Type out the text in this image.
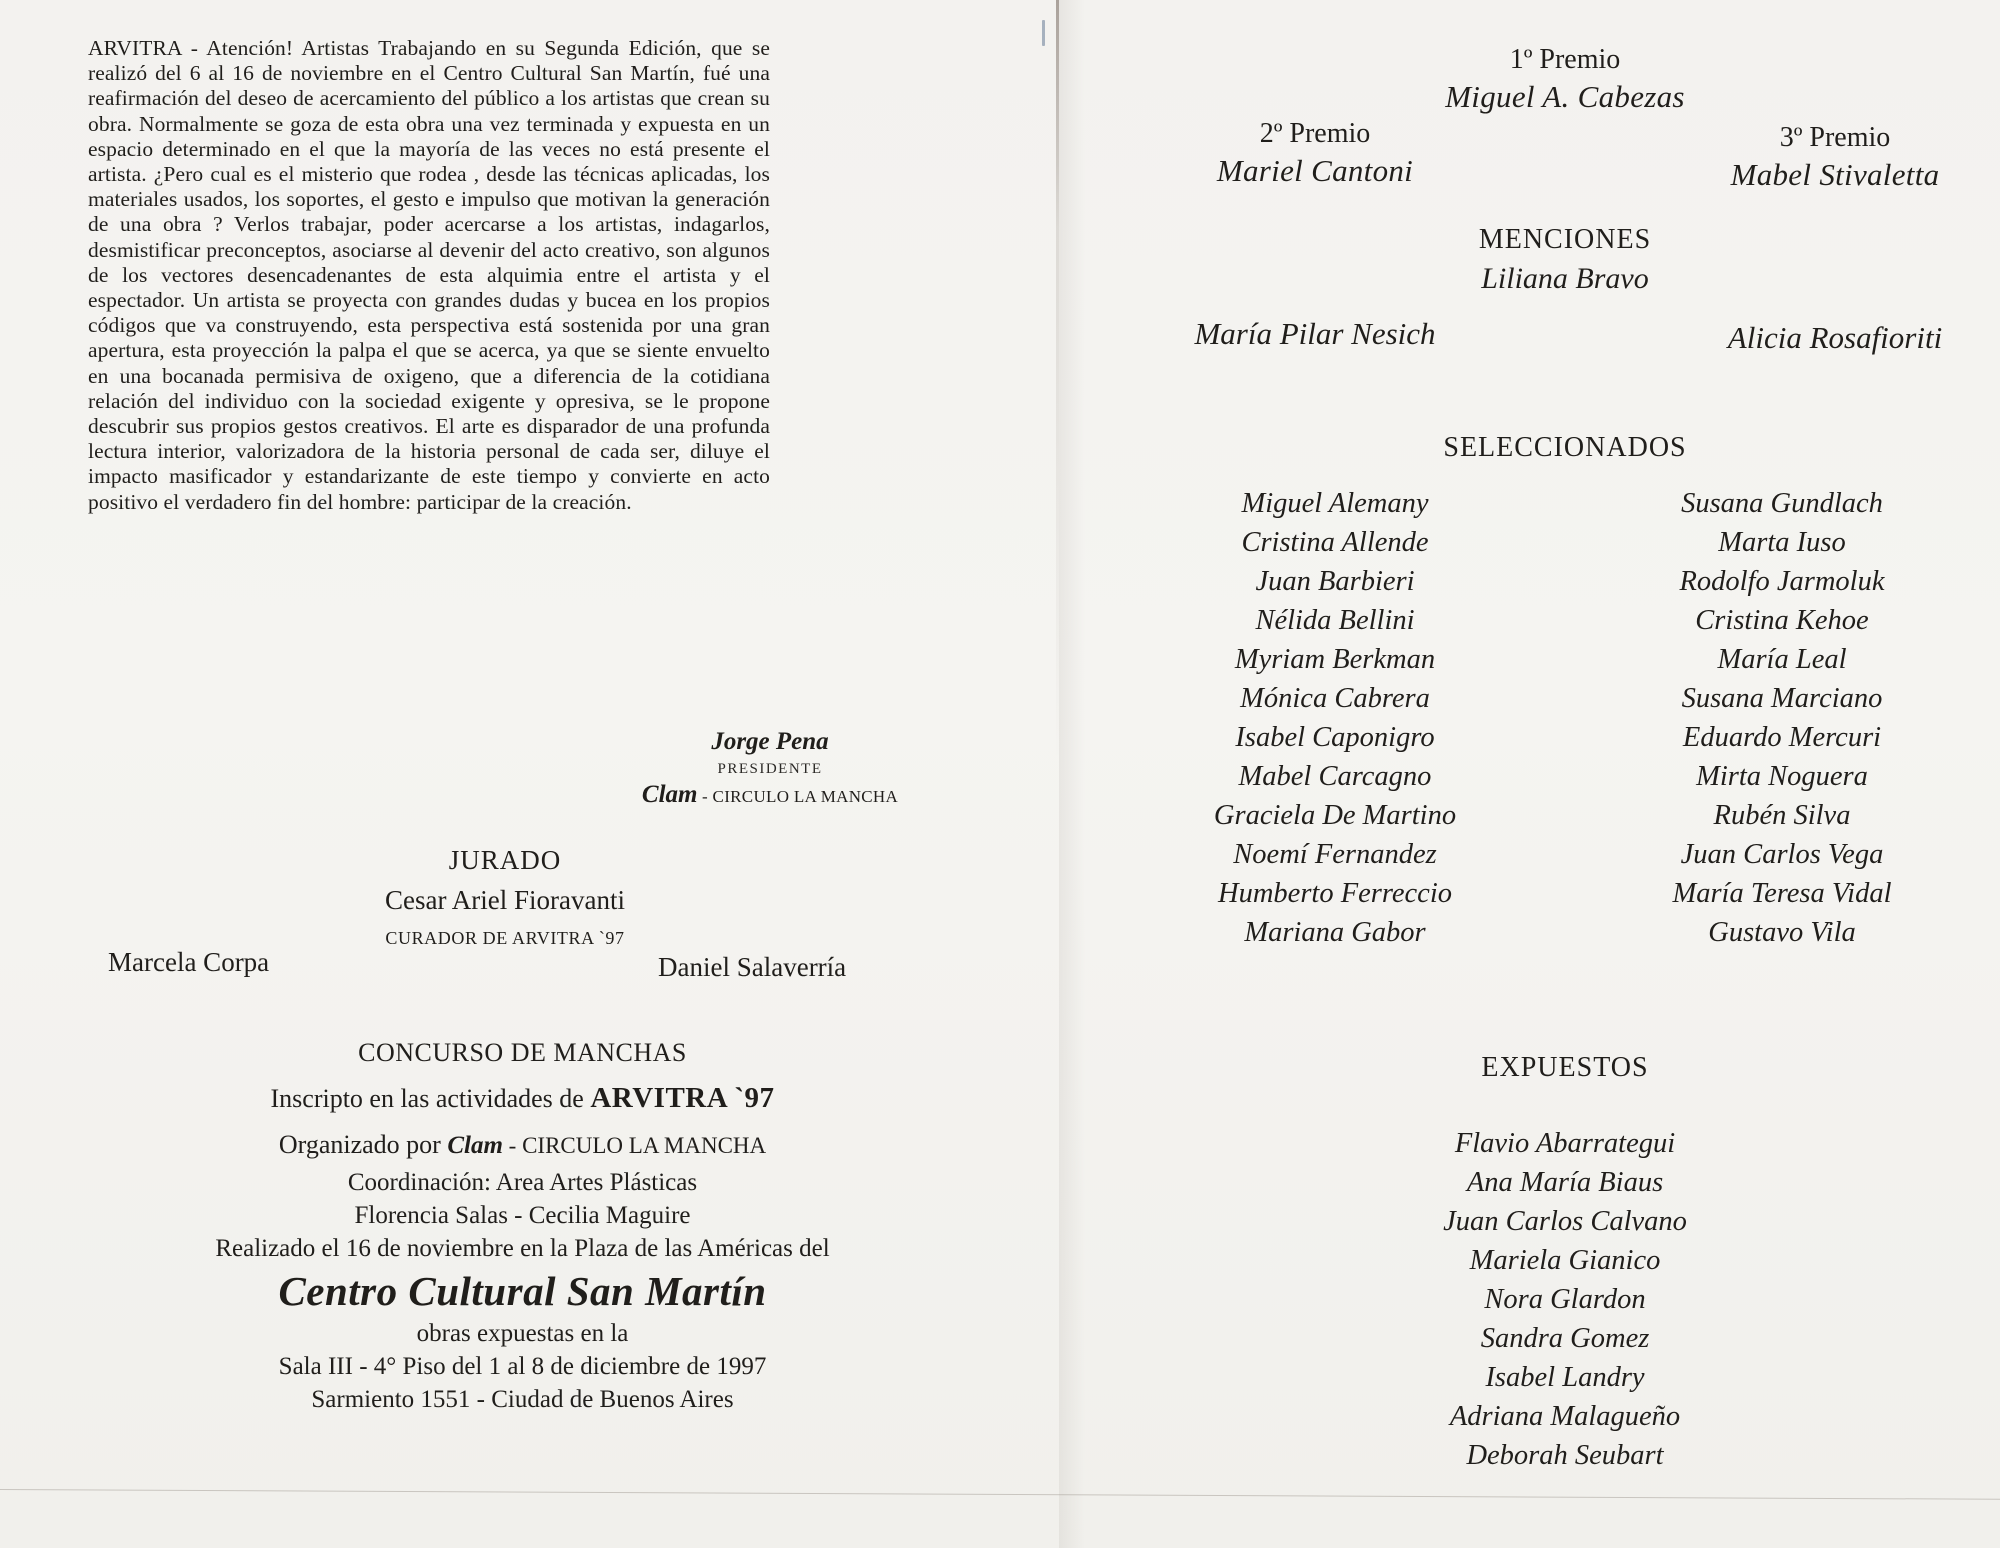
ARVITRA - Atención! Artistas Trabajando en su Segunda Edición, que se realizó del 6 al 16 de noviembre en el Centro Cultural San Martín, fué una reafirmación del deseo de acercamiento del público a los artistas que crean su obra. Normalmente se goza de esta obra una vez terminada y expuesta en un espacio determinado en el que la mayoría de las veces no está presente el artista. ¿Pero cual es el misterio que rodea , desde las técnicas aplicadas, los materiales usados, los soportes, el gesto e impulso que motivan la generación de una obra ? Verlos trabajar, poder acercarse a los artistas, indagarlos, desmistificar preconceptos, asociarse al devenir del acto creativo, son algunos de los vectores desencadenantes de esta alquimia entre el artista y el espectador. Un artista se proyecta con grandes dudas y bucea en los propios códigos que va construyendo, esta perspectiva está sostenida por una gran apertura, esta proyección la palpa el que se acerca, ya que se siente envuelto en una bocanada permisiva de oxigeno, que a diferencia de la cotidiana relación del individuo con la sociedad exigente y opresiva, se le propone descubrir sus propios gestos creativos. El arte es disparador de una profunda lectura interior, valorizadora de la historia personal de cada ser, diluye el impacto masificador y estandarizante de este tiempo y convierte en acto positivo el verdadero fin del hombre: participar de la creación.

Jorge Pena
PRESIDENTE
Clam - CIRCULO LA MANCHA
JURADO
Cesar Ariel Fioravanti
CURADOR DE ARVITRA `97
Marcela Corpa	Daniel Salaverría
CONCURSO DE MANCHAS
Inscripto en las actividades de ARVITRA `97
Organizado por Clam - CIRCULO LA MANCHA
Coordinación: Area Artes Plásticas
Florencia Salas - Cecilia Maguire
Realizado el 16 de noviembre en la Plaza de las Américas del
Centro Cultural San Martín
obras expuestas en la
Sala III - 4° Piso del 1 al 8 de diciembre de 1997
Sarmiento 1551 - Ciudad de Buenos Aires
1º Premio
Miguel A. Cabezas
2º Premio
Mariel Cantoni
3º Premio
Mabel Stivaletta
MENCIONES
Liliana Bravo
María Pilar Nesich	Alicia Rosafioriti
SELECCIONADOS
Miguel Alemany
Cristina Allende
Juan Barbieri
Nélida Bellini
Myriam Berkman
Mónica Cabrera
Isabel Caponigro
Mabel Carcagno
Graciela De Martino
Noemí Fernandez
Humberto Ferreccio
Mariana Gabor
Susana Gundlach
Marta Iuso
Rodolfo Jarmoluk
Cristina Kehoe
María Leal
Susana Marciano
Eduardo Mercuri
Mirta Noguera
Rubén Silva
Juan Carlos Vega
María Teresa Vidal
Gustavo Vila
EXPUESTOS
Flavio Abarrategui
Ana María Biaus
Juan Carlos Calvano
Mariela Gianico
Nora Glardon
Sandra Gomez
Isabel Landry
Adriana Malagueño
Deborah Seubart
